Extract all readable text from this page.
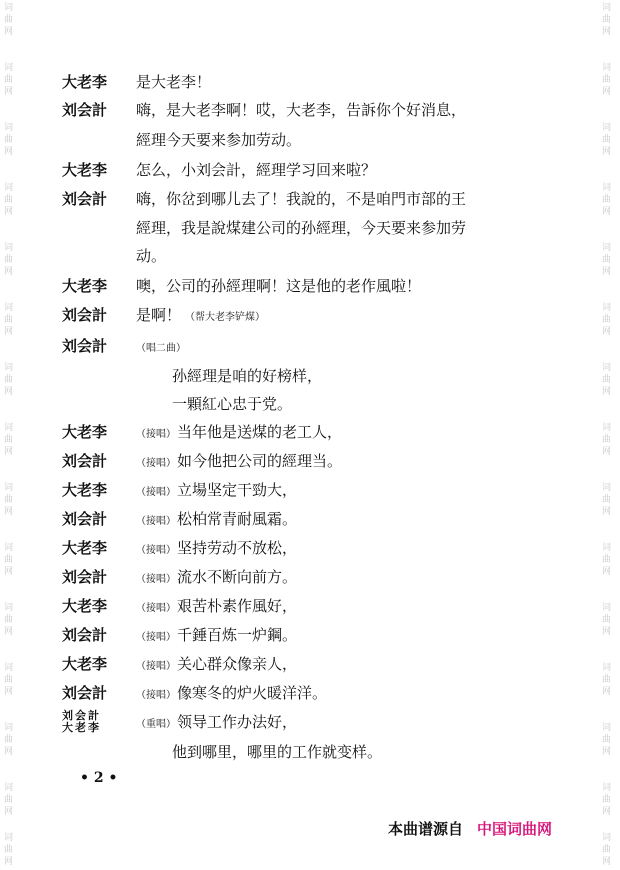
词
曲
网
词
曲
网
词
曲
网
词
曲
网
词
曲
网
词
曲
网
词
曲
网
词
曲
网
词
曲
网
词
曲
网
词
曲
网
词
曲
网
词
曲
网
词
曲
网
词
曲
网
词
曲
网
词
曲
网
词
曲
网
词
曲
网
词
曲
网
词
曲
网
词
曲
网
词
曲
网
词
曲
网
词
曲
网
词
曲
网
词
曲
网
词
曲
网
词
曲
网
词
曲
网
大老李 是大老李！
刘会計 嗨，是大老李啊！哎，大老李，告訴你个好消息，
經理今天要来参加劳动。
大老李 怎么，小刘会計，經理学习回来啦？
刘会計 嗨，你岔到哪儿去了！我說的，不是咱門市部的王
經理，我是說煤建公司的孙經理，今天要来参加劳
动。
大老李 噢，公司的孙經理啊！这是他的老作風啦！
刘会計 是啊！ （帮大老李铲煤）
刘会計	（唱二曲）
孙經理是咱的好榜样，
一顆紅心忠于党。
大老李	（接唱）当年他是送煤的老工人，
刘会計	（接唱）如今他把公司的經理当。
大老李	（接唱）立場坚定干勁大，
刘会計	（接唱）松柏常青耐風霜。
大老李	（接唱）坚持劳动不放松，
刘会計	（接唱）流水不断向前方。
大老李	（接唱）艰苦朴素作風好，
刘会計	（接唱）千錘百炼一炉鋼。
大老李	（接唱）关心群众像亲人，
刘会計	（接唱）像寒冬的炉火暖洋洋。
刘会計
大老李	（重唱）领导工作办法好，
他到哪里，哪里的工作就变样。
• 2 •
本曲谱源自 中国词曲网
